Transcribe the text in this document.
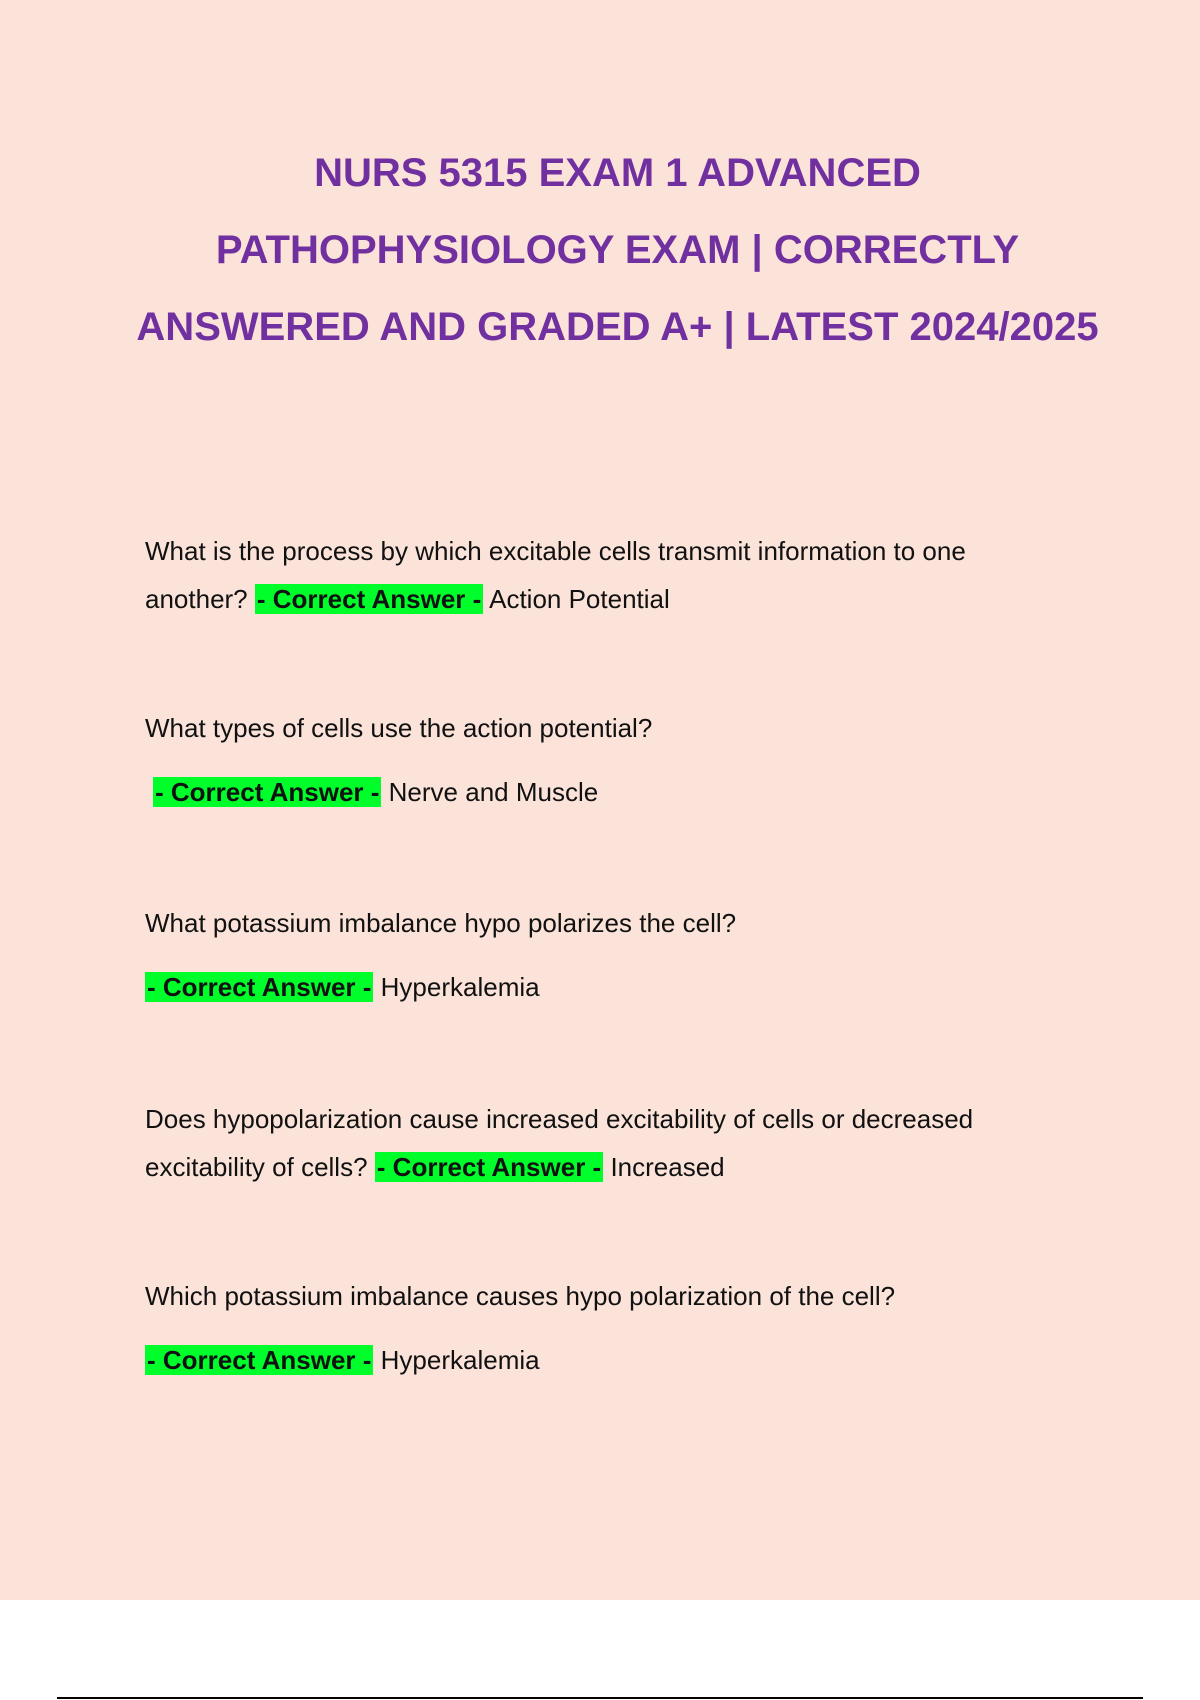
NURS 5315 EXAM 1 ADVANCED PATHOPHYSIOLOGY EXAM | CORRECTLY ANSWERED AND GRADED A+ | LATEST 2024/2025

What is the process by which excitable cells transmit information to one another? - Correct Answer - Action Potential

What types of cells use the action potential?

- Correct Answer - Nerve and Muscle

What potassium imbalance hypo polarizes the cell?

- Correct Answer - Hyperkalemia

Does hypopolarization cause increased excitability of cells or decreased excitability of cells? - Correct Answer - Increased

Which potassium imbalance causes hypo polarization of the cell?

- Correct Answer - Hyperkalemia
